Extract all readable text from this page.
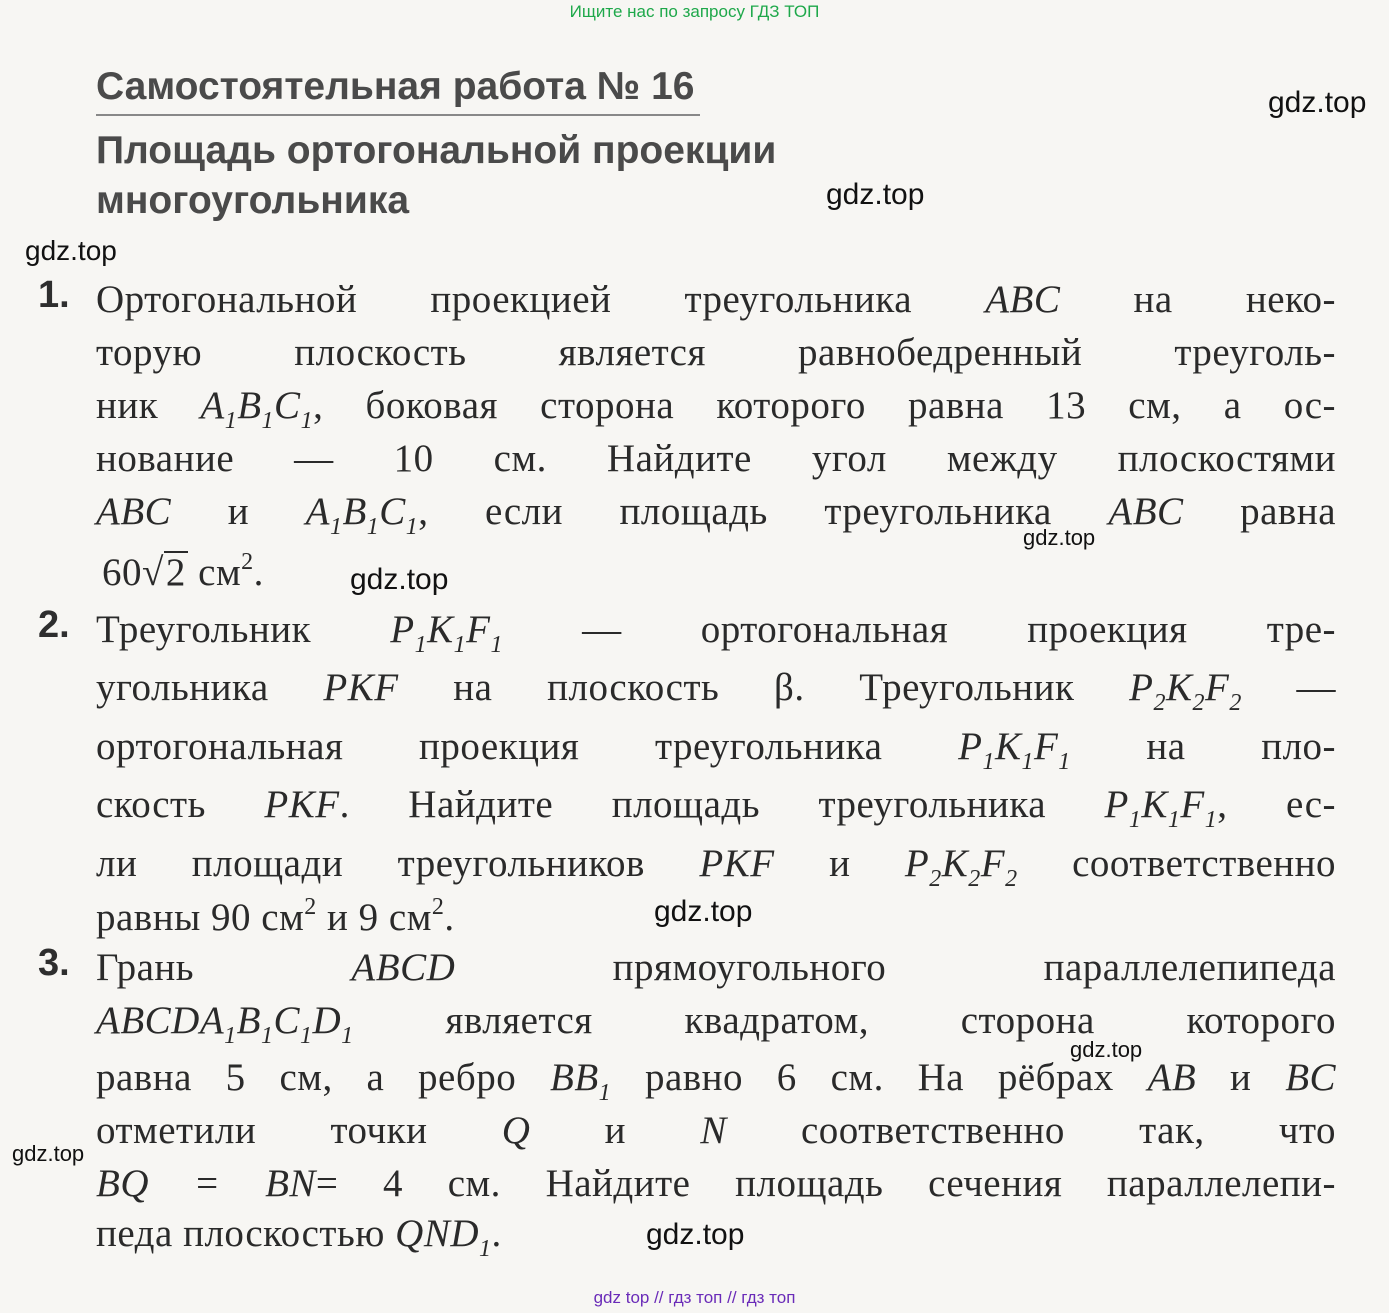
Ищите нас по запросу ГДЗ ТОП
Самостоятельная работа № 16
Площадь ортогональной проекции многоугольника
1. Ортогональной проекцией треугольника ABC на неко-
торую плоскость является равнобедренный треуголь-
ник $A_1B_1C_1$, боковая сторона которого равна 13 см, а ос-
нование — 10 см. Найдите угол между плоскостями
ABC и $A_1B_1C_1$, если площадь треугольника ABC равна
60√2 $см^2$.
2. Треугольник $P_1K_1F_1$ — ортогональная проекция тре-
угольника PKF на плоскость β. Треугольник $P_2K_2F_2$ —
ортогональная проекция треугольника $P_1K_1F_1$ на пло-
скость PKF. Найдите площадь треугольника $P_1K_1F_1$, ес-
ли площади треугольников PKF и $P_2K_2F_2$ соответственно
равны 90 $см^2$ и 9 $см^2$.
3. Грань	ABCD	прямоугольного параллелепипеда
$ABCDA_1B_1C_1D_1$ является квадратом, сторона которого
равна 5 см, а ребро $BB_1$ равно 6 см. На рёбрах AB и BC
отметили точки Q и N соответственно так, что
BQ = BN= 4 см. Найдите площадь сечения параллелепи-
педа плоскостью $QND_1$.
gdz.top
gdz.top
gdz.top
gdz.top
gdz.top
gdz.top
gdz.top
gdz.top
gdz.top
gdz top // гдз топ // гдз топ
